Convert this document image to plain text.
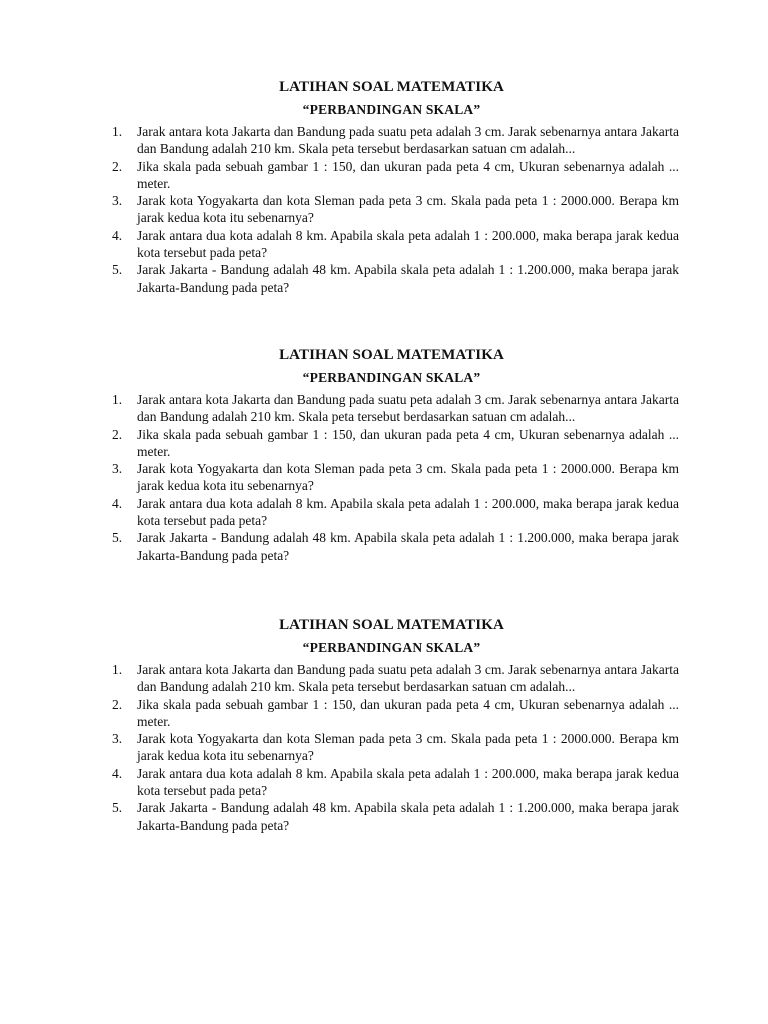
LATIHAN SOAL MATEMATIKA
“PERBANDINGAN SKALA”
1. Jarak antara kota Jakarta dan Bandung pada suatu peta adalah 3 cm. Jarak sebenarnya antara Jakarta dan Bandung adalah 210 km. Skala peta tersebut berdasarkan satuan cm adalah...
2. Jika skala pada sebuah gambar 1 : 150, dan ukuran pada peta 4 cm, Ukuran sebenarnya adalah ... meter.
3. Jarak kota Yogyakarta dan kota Sleman pada peta 3 cm. Skala pada peta 1 : 2000.000. Berapa km jarak kedua kota itu sebenarnya?
4. Jarak antara dua kota adalah 8 km. Apabila skala peta adalah 1 : 200.000, maka berapa jarak kedua kota tersebut pada peta?
5. Jarak Jakarta - Bandung adalah 48 km. Apabila skala peta adalah 1 : 1.200.000, maka berapa jarak Jakarta-Bandung pada peta?
LATIHAN SOAL MATEMATIKA
“PERBANDINGAN SKALA”
1. Jarak antara kota Jakarta dan Bandung pada suatu peta adalah 3 cm. Jarak sebenarnya antara Jakarta dan Bandung adalah 210 km. Skala peta tersebut berdasarkan satuan cm adalah...
2. Jika skala pada sebuah gambar 1 : 150, dan ukuran pada peta 4 cm, Ukuran sebenarnya adalah ... meter.
3. Jarak kota Yogyakarta dan kota Sleman pada peta 3 cm. Skala pada peta 1 : 2000.000. Berapa km jarak kedua kota itu sebenarnya?
4. Jarak antara dua kota adalah 8 km. Apabila skala peta adalah 1 : 200.000, maka berapa jarak kedua kota tersebut pada peta?
5. Jarak Jakarta - Bandung adalah 48 km. Apabila skala peta adalah 1 : 1.200.000, maka berapa jarak Jakarta-Bandung pada peta?
LATIHAN SOAL MATEMATIKA
“PERBANDINGAN SKALA”
1. Jarak antara kota Jakarta dan Bandung pada suatu peta adalah 3 cm. Jarak sebenarnya antara Jakarta dan Bandung adalah 210 km. Skala peta tersebut berdasarkan satuan cm adalah...
2. Jika skala pada sebuah gambar 1 : 150, dan ukuran pada peta 4 cm, Ukuran sebenarnya adalah ... meter.
3. Jarak kota Yogyakarta dan kota Sleman pada peta 3 cm. Skala pada peta 1 : 2000.000. Berapa km jarak kedua kota itu sebenarnya?
4. Jarak antara dua kota adalah 8 km. Apabila skala peta adalah 1 : 200.000, maka berapa jarak kedua kota tersebut pada peta?
5. Jarak Jakarta - Bandung adalah 48 km. Apabila skala peta adalah 1 : 1.200.000, maka berapa jarak Jakarta-Bandung pada peta?
